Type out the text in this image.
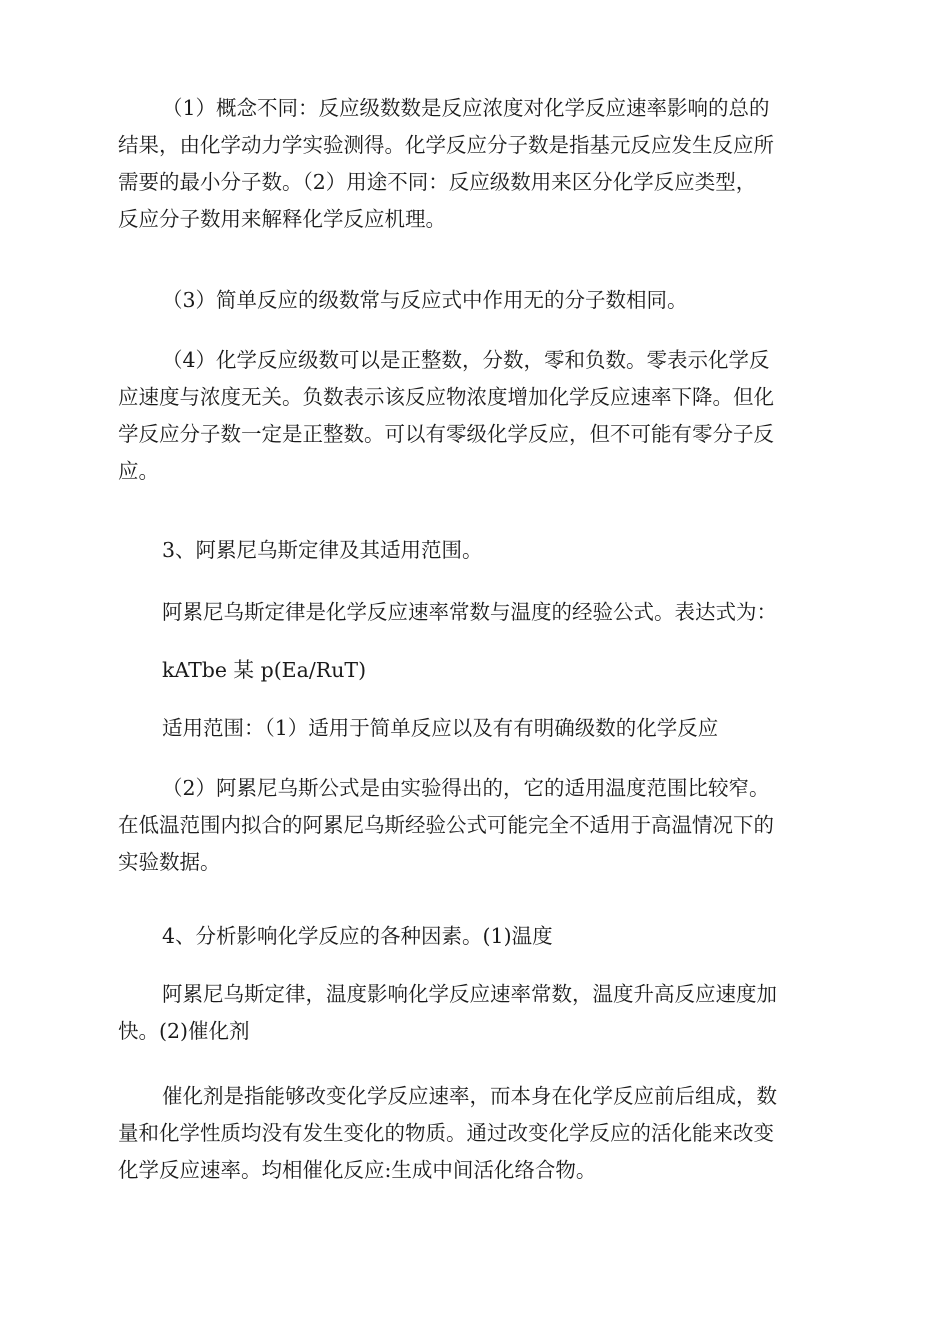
（1）概念不同：反应级数数是反应浓度对化学反应速率影响的总的
结果，由化学动力学实验测得。化学反应分子数是指基元反应发生反应所
需要的最小分子数。（2）用途不同：反应级数用来区分化学反应类型，
反应分子数用来解释化学反应机理。
（3）简单反应的级数常与反应式中作用无的分子数相同。
（4）化学反应级数可以是正整数，分数，零和负数。零表示化学反
应速度与浓度无关。负数表示该反应物浓度增加化学反应速率下降。但化
学反应分子数一定是正整数。可以有零级化学反应，但不可能有零分子反
应。
3、阿累尼乌斯定律及其适用范围。
阿累尼乌斯定律是化学反应速率常数与温度的经验公式。表达式为：
kATbe 某 p(Ea/RuT)
适用范围：（1）适用于简单反应以及有有明确级数的化学反应
（2）阿累尼乌斯公式是由实验得出的，它的适用温度范围比较窄。
在低温范围内拟合的阿累尼乌斯经验公式可能完全不适用于高温情况下的
实验数据。
4、分析影响化学反应的各种因素。(1)温度
阿累尼乌斯定律，温度影响化学反应速率常数，温度升高反应速度加
快。(2)催化剂
催化剂是指能够改变化学反应速率，而本身在化学反应前后组成，数
量和化学性质均没有发生变化的物质。通过改变化学反应的活化能来改变
化学反应速率。均相催化反应:生成中间活化络合物。
